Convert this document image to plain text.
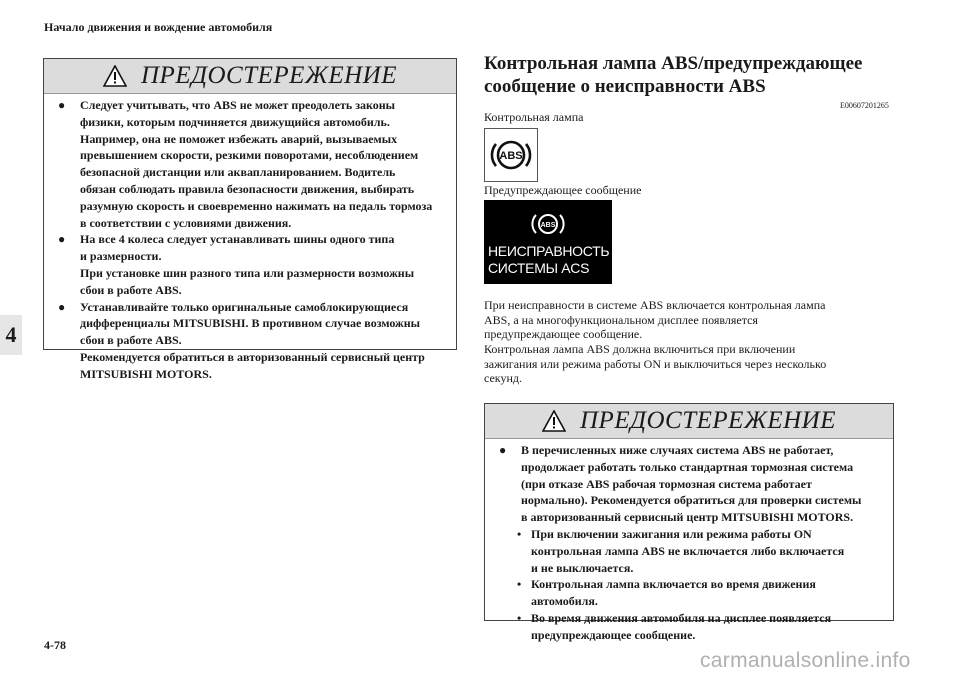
Начало движения и вождение автомобиля
4
4-78
ПРЕДОСТЕРЕЖЕНИЕ
●	Следует учитывать, что ABS не может преодолеть законы
физики, которым подчиняется движущийся автомобиль.
Например, она не поможет избежать аварий, вызываемых
превышением скорости, резкими поворотами, несоблюдением
безопасной дистанции или аквапланированием. Водитель
обязан соблюдать правила безопасности движения, выбирать
разумную скорость и своевременно нажимать на педаль тормоза
в соответствии с условиями движения.
●	На все 4 колеса следует устанавливать шины одного типа
и размерности.
При установке шин разного типа или размерности возможны
сбои в работе ABS.
●	Устанавливайте только оригинальные самоблокирующиеся
дифференциалы MITSUBISHI. В противном случае возможны
сбои в работе ABS.
Рекомендуется обратиться в авторизованный сервисный центр
MITSUBISHI MOTORS.
Контрольная лампа ABS/предупреждающее
сообщение о неисправности ABS
E00607201265
Контрольная лампа
ABS
Предупреждающее сообщение
ABS
НЕИСПРАВНОСТЬ
СИСТЕМЫ ACS
При неисправности в системе ABS включается контрольная лампа
ABS, а на многофункциональном дисплее появляется
предупреждающее сообщение.
Контрольная лампа ABS должна включиться при включении
зажигания или режима работы ON и выключиться через несколько
секунд.
ПРЕДОСТЕРЕЖЕНИЕ
●	В перечисленных ниже случаях система ABS не работает,
продолжает работать только стандартная тормозная система
(при отказе ABS рабочая тормозная система работает
нормально). Рекомендуется обратиться для проверки системы
в авторизованный сервисный центр MITSUBISHI MOTORS.
• При включении зажигания или режима работы ON
контрольная лампа ABS не включается либо включается
и не выключается.
• Контрольная лампа включается во время движения
автомобиля.
• Во время движения автомобиля на дисплее появляется
предупреждающее сообщение.
carmanualsonline.info
